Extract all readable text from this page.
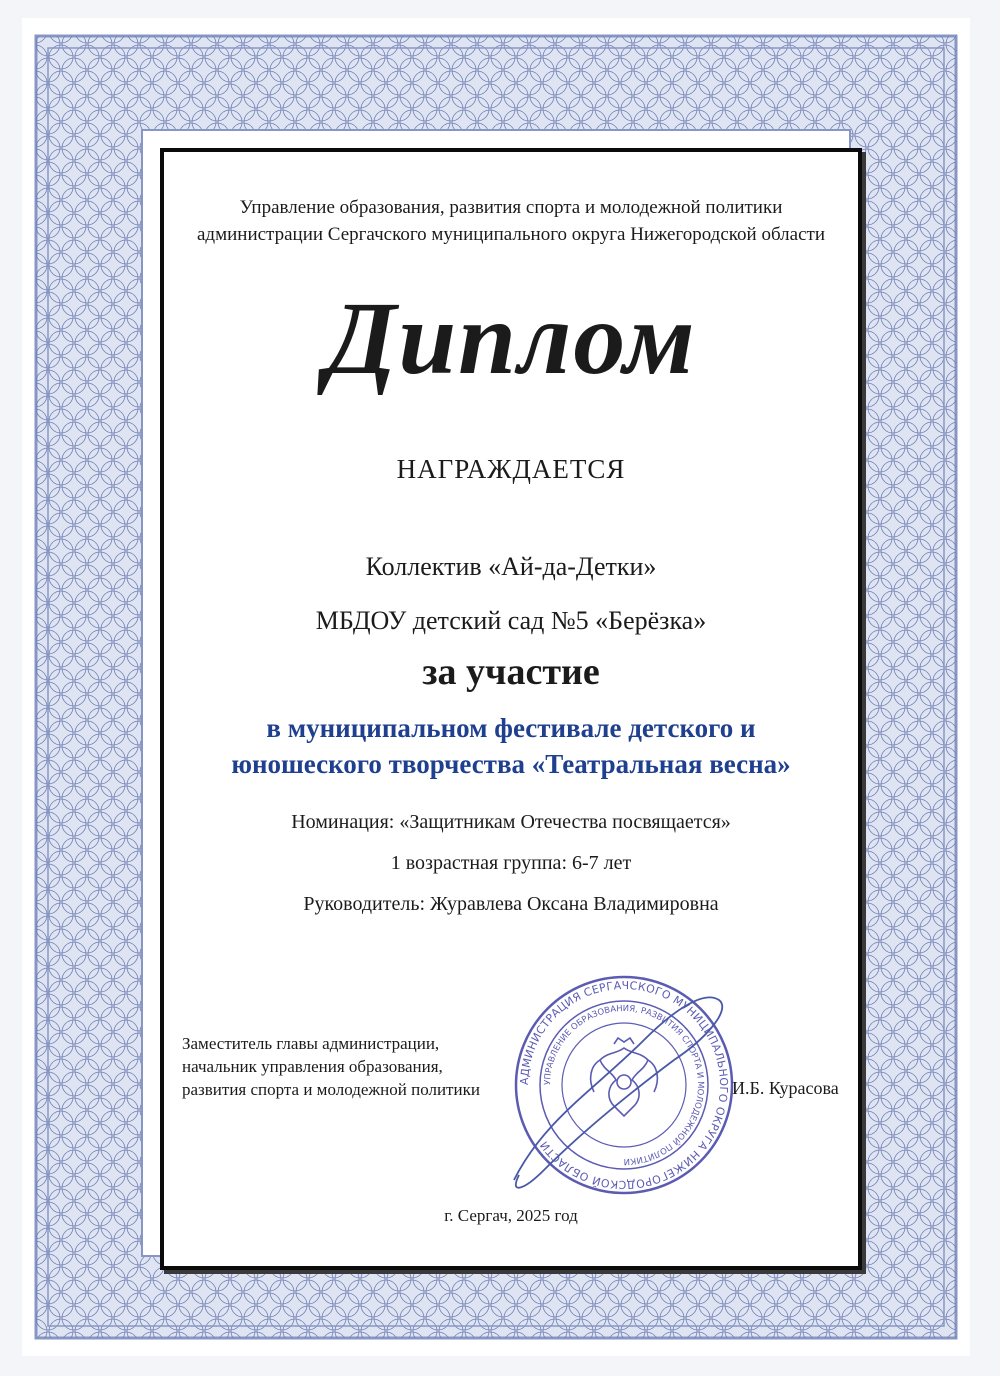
Управление образования, развития спорта и молодежной политики
администрации Сергачского муниципального округа Нижегородской области
Диплом
НАГРАЖДАЕТСЯ
Коллектив «Ай-да-Детки»
МБДОУ детский сад №5 «Берёзка»
за участие
в муниципальном фестивале детского и
юношеского творчества «Театральная весна»
Номинация: «Защитникам Отечества посвящается»
1 возрастная группа: 6-7 лет
Руководитель: Журавлева Оксана Владимировна
Заместитель главы администрации,
начальник управления образования,
развития спорта и молодежной политики	АДМИНИСТРАЦИЯ СЕРГАЧСКОГО МУНИЦИПАЛЬНОГО ОКРУГА НИЖЕГОРОДСКОЙ ОБЛАСТИ
УПРАВЛЕНИЕ ОБРАЗОВАНИЯ, РАЗВИТИЯ СПОРТА И МОЛОДЕЖНОЙ ПОЛИТИКИ
И.Б. Курасова
г. Сергач, 2025 год
